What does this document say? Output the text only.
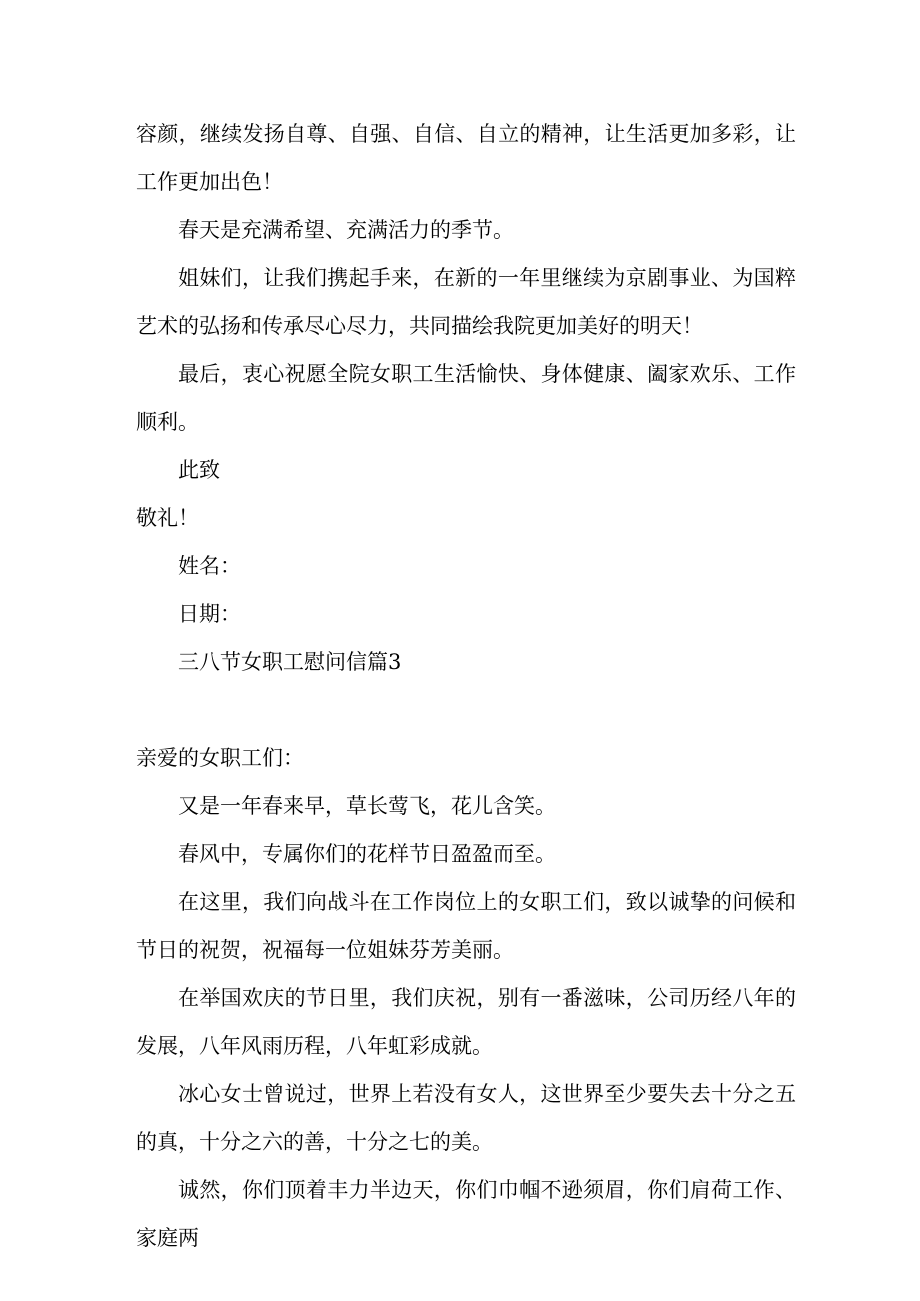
容颜，继续发扬自尊、自强、自信、自立的精神，让生活更加多彩，让工作更加出色！

春天是充满希望、充满活力的季节。

姐妹们，让我们携起手来，在新的一年里继续为京剧事业、为国粹艺术的弘扬和传承尽心尽力，共同描绘我院更加美好的明天！

最后，衷心祝愿全院女职工生活愉快、身体健康、阖家欢乐、工作顺利。

此致

敬礼！

姓名：

日期：

三八节女职工慰问信篇3

亲爱的女职工们：

又是一年春来早，草长莺飞，花儿含笑。

春风中，专属你们的花样节日盈盈而至。

在这里，我们向战斗在工作岗位上的女职工们，致以诚挚的问候和节日的祝贺，祝福每一位姐妹芬芳美丽。

在举国欢庆的节日里，我们庆祝，别有一番滋味，公司历经八年的发展，八年风雨历程，八年虹彩成就。

冰心女士曾说过，世界上若没有女人，这世界至少要失去十分之五的真，十分之六的善，十分之七的美。

诚然，你们顶着丰力半边天，你们巾帼不逊须眉，你们肩荷工作、家庭两
